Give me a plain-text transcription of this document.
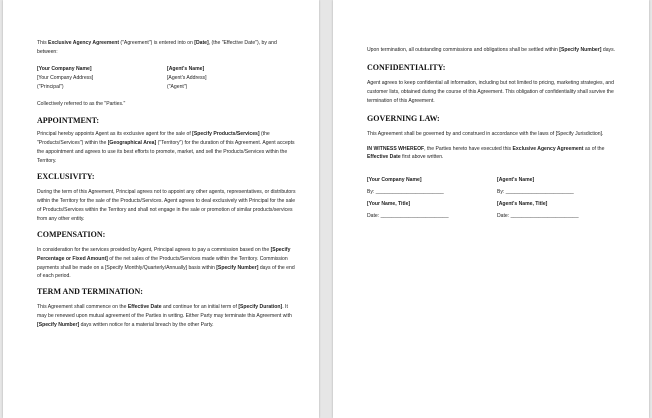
This Exclusive Agency Agreement ("Agreement") is entered into on [Date], (the "Effective Date"), by and between:

[Your Company Name]

[Your Company Address]

("Principal")

[Agent's Name]

[Agent's Address]

("Agent")

Collectively referred to as the "Parties."

APPOINTMENT:

Principal hereby appoints Agent as its exclusive agent for the sale of [Specify Products/Services] (the "Products/Services") within the [Geographical Area] ("Territory") for the duration of this Agreement. Agent accepts the appointment and agrees to use its best efforts to promote, market, and sell the Products/Services within the Territory.

EXCLUSIVITY:

During the term of this Agreement, Principal agrees not to appoint any other agents, representatives, or distributors within the Territory for the sale of the Products/Services. Agent agrees to deal exclusively with Principal for the sale of Products/Services within the Territory and shall not engage in the sale or promotion of similar products/services from any other entity.

COMPENSATION:

In consideration for the services provided by Agent, Principal agrees to pay a commission based on the [Specify Percentage or Fixed Amount] of the net sales of the Products/Services made within the Territory. Commission payments shall be made on a [Specify Monthly/Quarterly/Annually] basis within [Specify Number] days of the end of each period.

TERM AND TERMINATION:

This Agreement shall commence on the Effective Date and continue for an initial term of [Specify Duration]. It may be renewed upon mutual agreement of the Parties in writing. Either Party may terminate this Agreement with [Specify Number] days written notice for a material breach by the other Party.

Upon termination, all outstanding commissions and obligations shall be settled within [Specify Number] days.

CONFIDENTIALITY:

Agent agrees to keep confidential all information, including but not limited to pricing, marketing strategies, and customer lists, obtained during the course of this Agreement. This obligation of confidentiality shall survive the termination of this Agreement.

GOVERNING LAW:

This Agreement shall be governed by and construed in accordance with the laws of [Specify Jurisdiction].

IN WITNESS WHEREOF, the Parties hereto have executed this Exclusive Agency Agreement as of the Effective Date first above written.

[Your Company Name]

By: ________________________

[Your Name, Title]

Date: ________________________

[Agent's Name]

By: ________________________

[Agent's Name, Title]

Date: ________________________
